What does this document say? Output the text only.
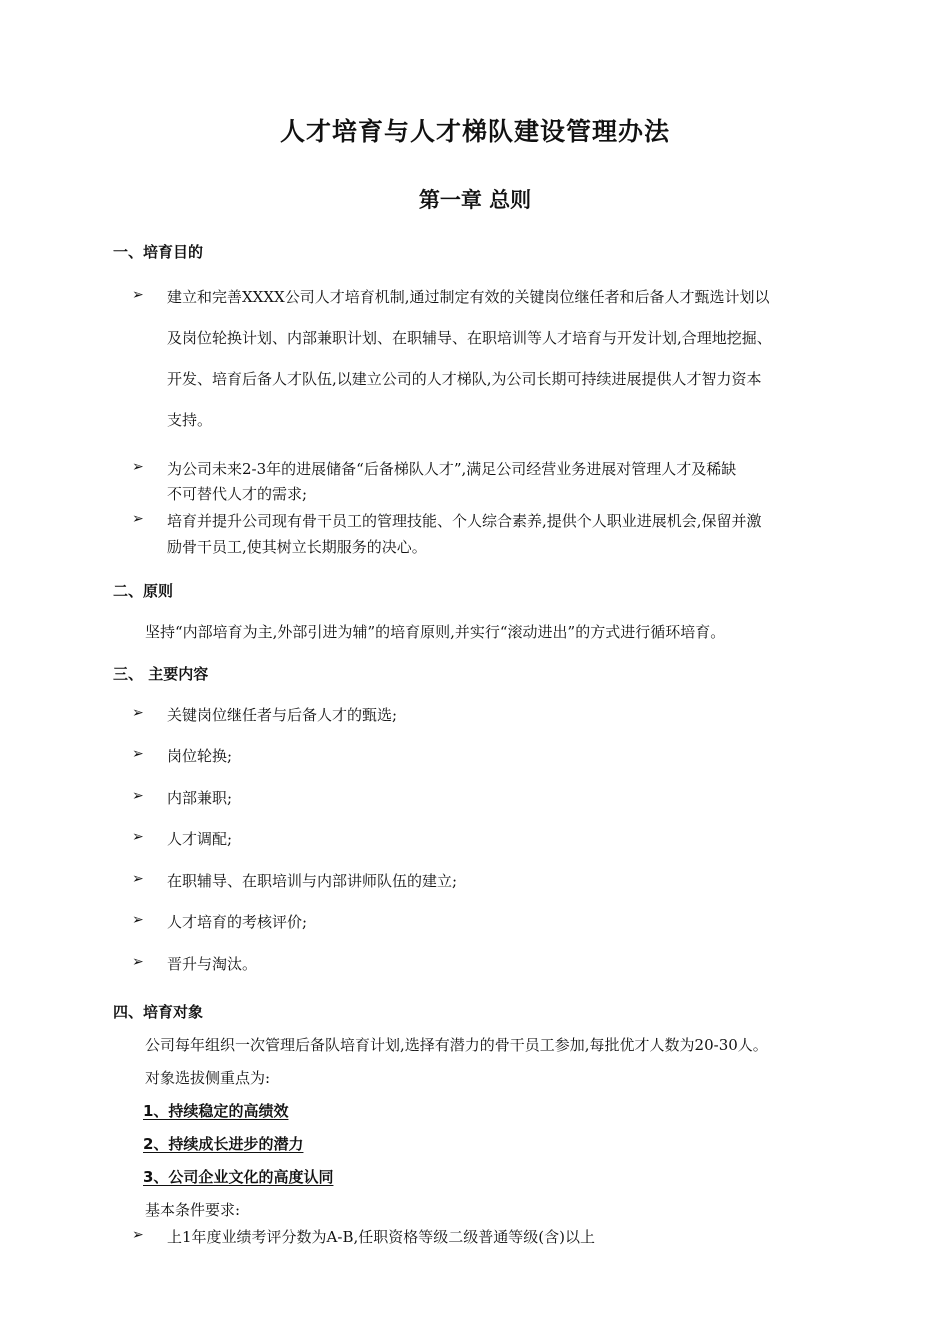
人才培育与人才梯队建设管理办法
第一章 总则
一、培育目的
➢ 建立和完善XXXX公司人才培育机制,通过制定有效的关键岗位继任者和后备人才甄选计划以
及岗位轮换计划、内部兼职计划、在职辅导、在职培训等人才培育与开发计划,合理地挖掘、
开发、培育后备人才队伍,以建立公司的人才梯队,为公司长期可持续进展提供人才智力资本
支持。
➢ 为公司未来2-3年的进展储备“后备梯队人才”,满足公司经营业务进展对管理人才及稀缺
不可替代人才的需求;
➢ 培育并提升公司现有骨干员工的管理技能、个人综合素养,提供个人职业进展机会,保留并激
励骨干员工,使其树立长期服务的决心。
二、原则
坚持“内部培育为主,外部引进为辅”的培育原则,并实行“滚动进出”的方式进行循环培育。
三、 主要内容
➢ 关键岗位继任者与后备人才的甄选;
➢ 岗位轮换;
➢ 内部兼职;
➢ 人才调配;
➢ 在职辅导、在职培训与内部讲师队伍的建立;
➢ 人才培育的考核评价;
➢ 晋升与淘汰。
四、培育对象
公司每年组织一次管理后备队培育计划,选择有潜力的骨干员工参加,每批优才人数为20-30人。
对象选拔侧重点为:
1、持续稳定的高绩效
2、持续成长进步的潜力
3、公司企业文化的高度认同
基本条件要求:
➢ 上1年度业绩考评分数为A-B,任职资格等级二级普通等级(含)以上
